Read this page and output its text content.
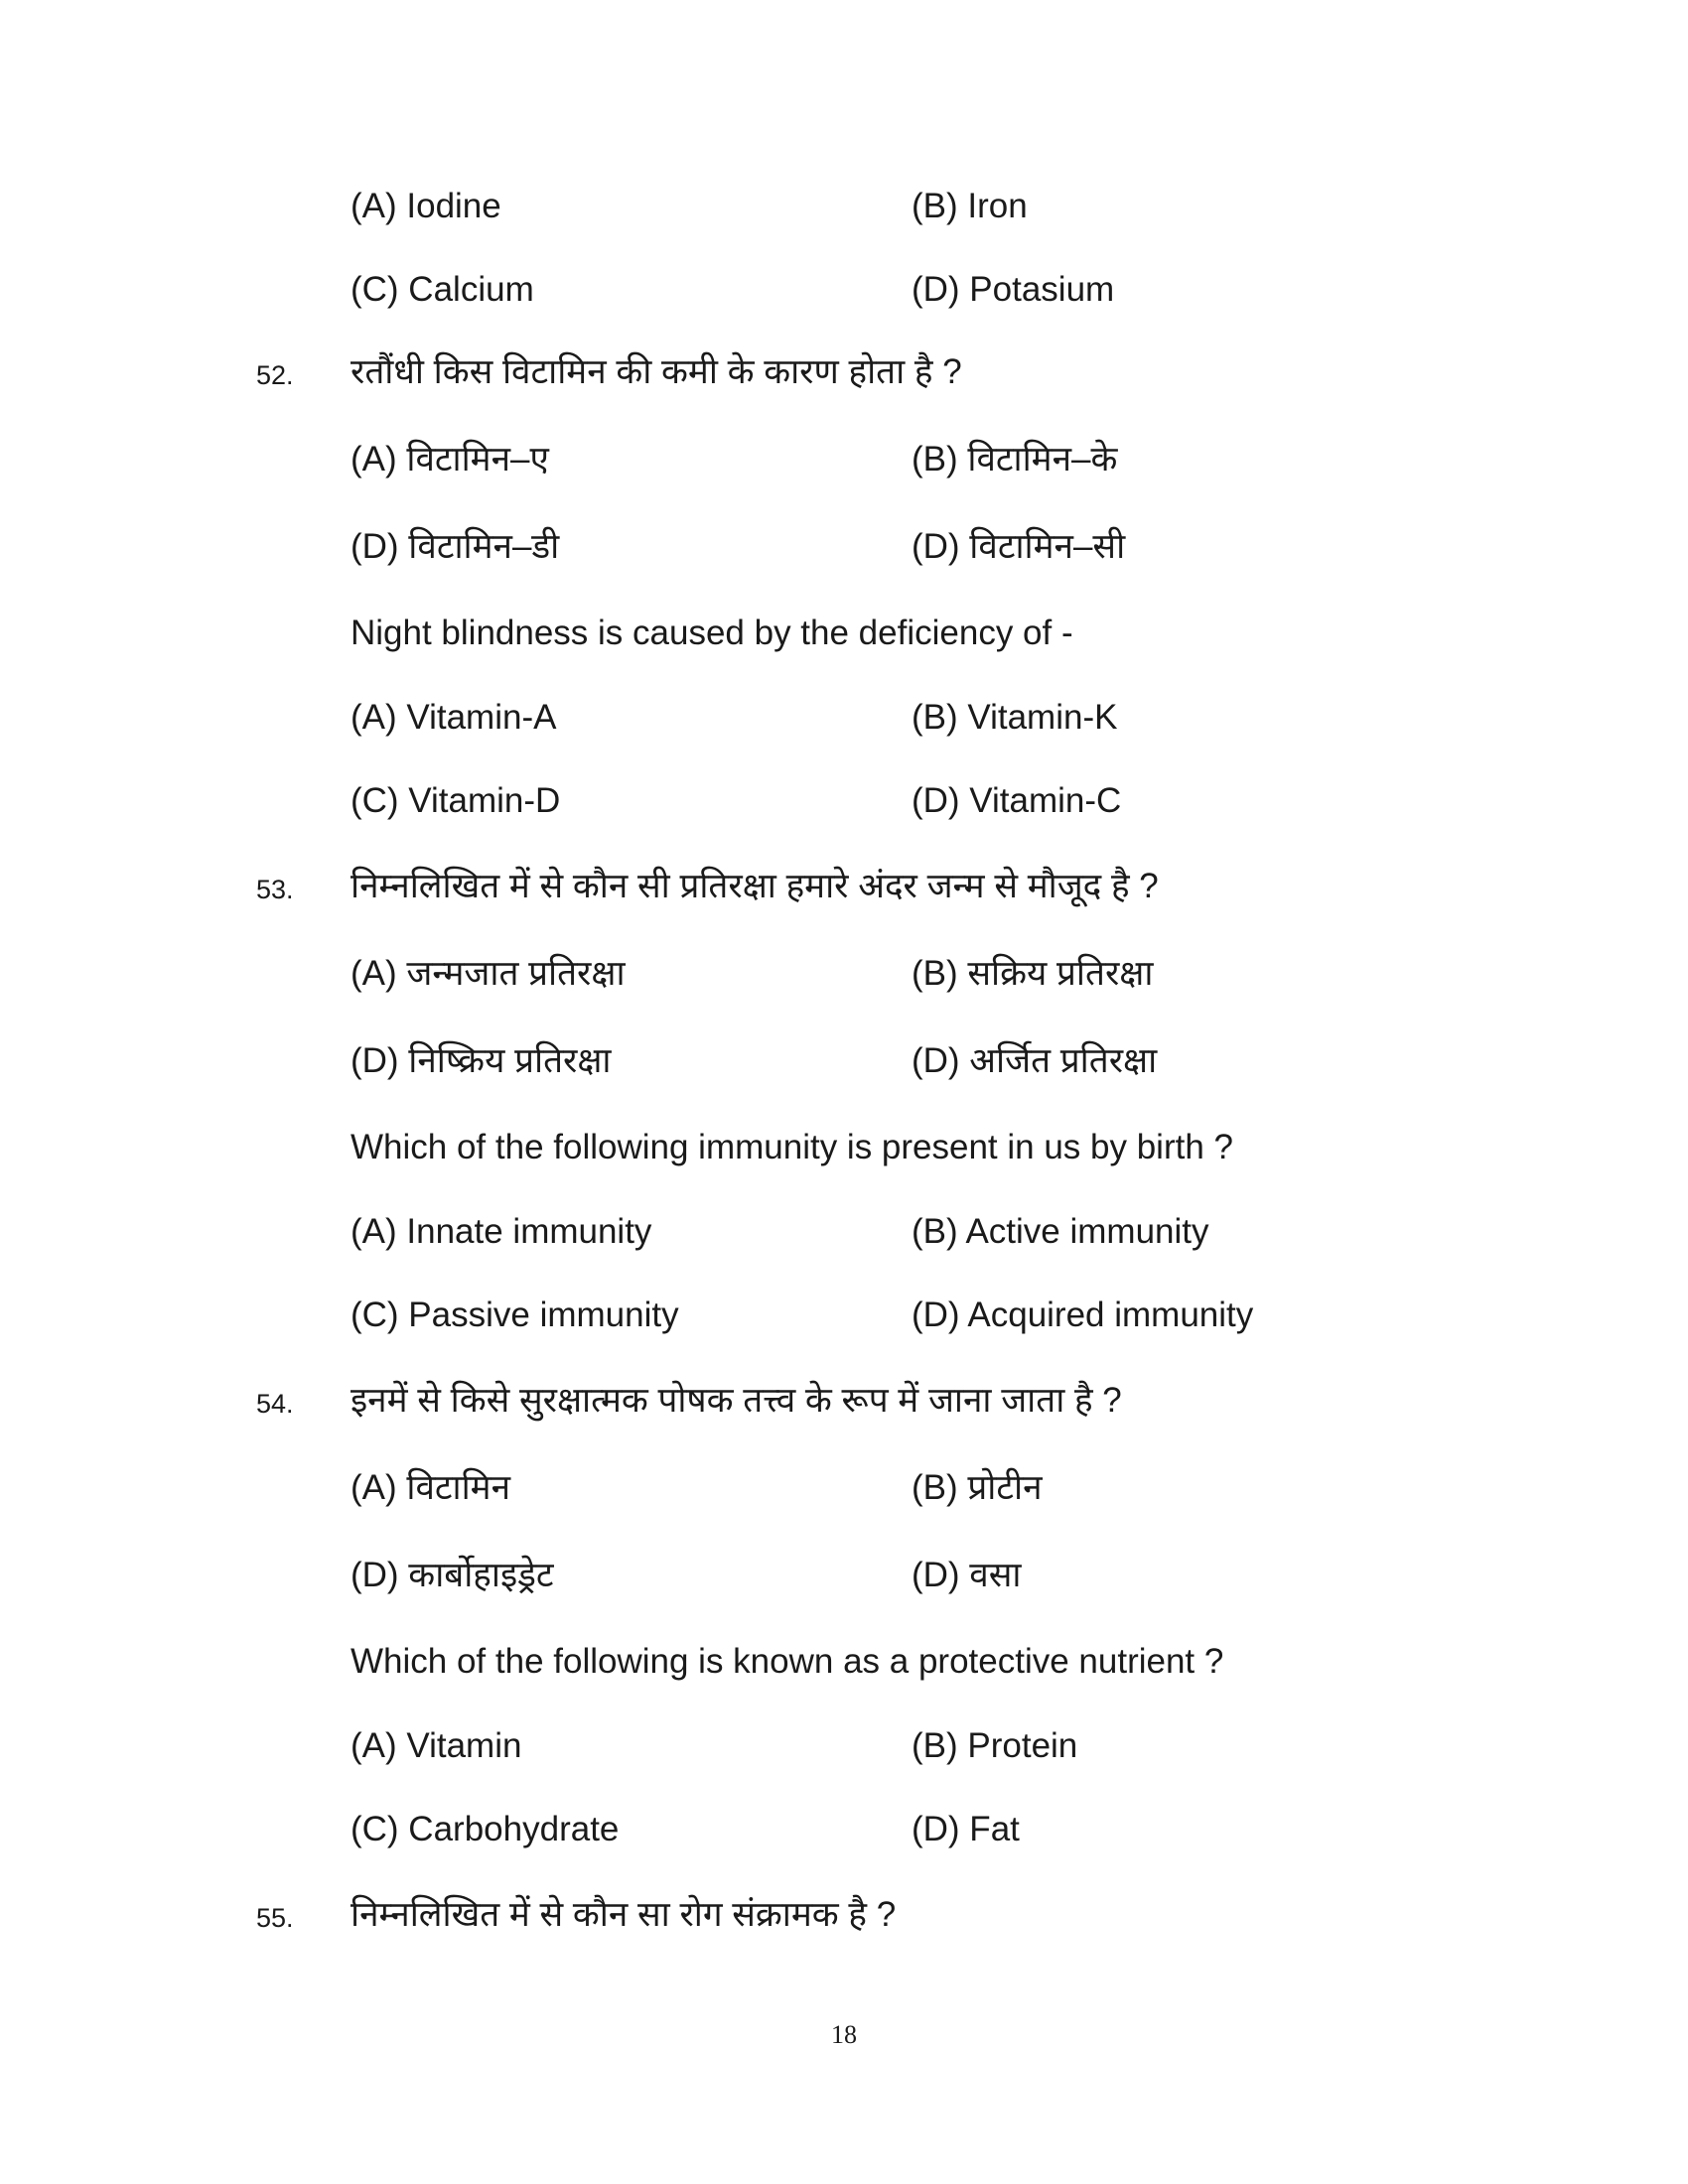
(A) Iodine	(B) Iron
(C) Calcium	(D) Potasium
52. रतौंधी किस विटामिन की कमी के कारण होता है ?
(A) विटामिन–ए	(B) विटामिन–के
(D) विटामिन–डी	(D) विटामिन–सी
Night blindness is caused by the deficiency of -
(A) Vitamin-A	(B) Vitamin-K
(C) Vitamin-D	(D) Vitamin-C
53. निम्नलिखित में से कौन सी प्रतिरक्षा हमारे अंदर जन्म से मौजूद है ?
(A) जन्मजात प्रतिरक्षा	(B) सक्रिय प्रतिरक्षा
(D) निष्क्रिय प्रतिरक्षा	(D) अर्जित प्रतिरक्षा
Which of the following immunity is present in us by birth ?
(A) Innate immunity	(B) Active immunity
(C) Passive immunity	(D) Acquired immunity
54. इनमें से किसे सुरक्षात्मक पोषक तत्त्व के रूप में जाना जाता है ?
(A) विटामिन	(B) प्रोटीन
(D) कार्बोहाइड्रेट	(D) वसा
Which of the following is known as a protective nutrient ?
(A) Vitamin	(B) Protein
(C) Carbohydrate	(D) Fat
55. निम्नलिखित में से कौन सा रोग संक्रामक है ?
18
